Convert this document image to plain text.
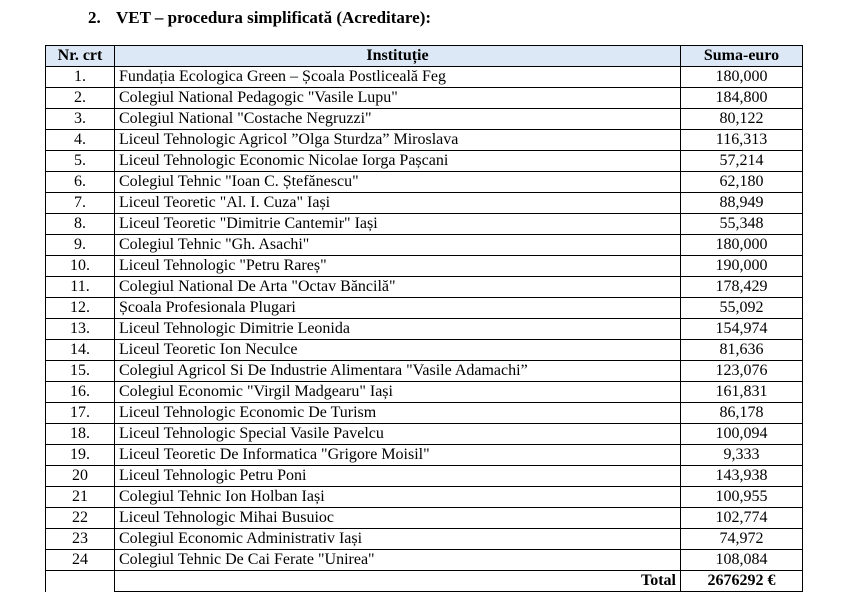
2. VET – procedura simplificată (Acreditare):
Nr. crt	Instituție	Suma-euro
1.	Fundația Ecologica Green – Școala Postliceală Feg	180,000
2.	Colegiul National Pedagogic "Vasile Lupu"	184,800
3.	Colegiul National "Costache Negruzzi"	80,122
4.	Liceul Tehnologic Agricol ”Olga Sturdza” Miroslava	116,313
5.	Liceul Tehnologic Economic Nicolae Iorga Pașcani	57,214
6.	Colegiul Tehnic "Ioan C. Ștefănescu"	62,180
7.	Liceul Teoretic "Al. I. Cuza" Iași	88,949
8.	Liceul Teoretic "Dimitrie Cantemir" Iași	55,348
9.	Colegiul Tehnic "Gh. Asachi"	180,000
10.	Liceul Tehnologic "Petru Rareș"	190,000
11.	Colegiul National De Arta "Octav Băncilă"	178,429
12.	Școala Profesionala Plugari	55,092
13.	Liceul Tehnologic Dimitrie Leonida	154,974
14.	Liceul Teoretic Ion Neculce	81,636
15.	Colegiul Agricol Si De Industrie Alimentara "Vasile Adamachi”	123,076
16.	Colegiul Economic "Virgil Madgearu" Iași	161,831
17.	Liceul Tehnologic Economic De Turism	86,178
18.	Liceul Tehnologic Special Vasile Pavelcu	100,094
19.	Liceul Teoretic De Informatica "Grigore Moisil"	9,333
20	Liceul Tehnologic Petru Poni	143,938
21	Colegiul Tehnic Ion Holban Iași	100,955
22	Liceul Tehnologic Mihai Busuioc	102,774
23	Colegiul Economic Administrativ Iași	74,972
24	Colegiul Tehnic De Cai Ferate "Unirea"	108,084
	Total	2676292 €
